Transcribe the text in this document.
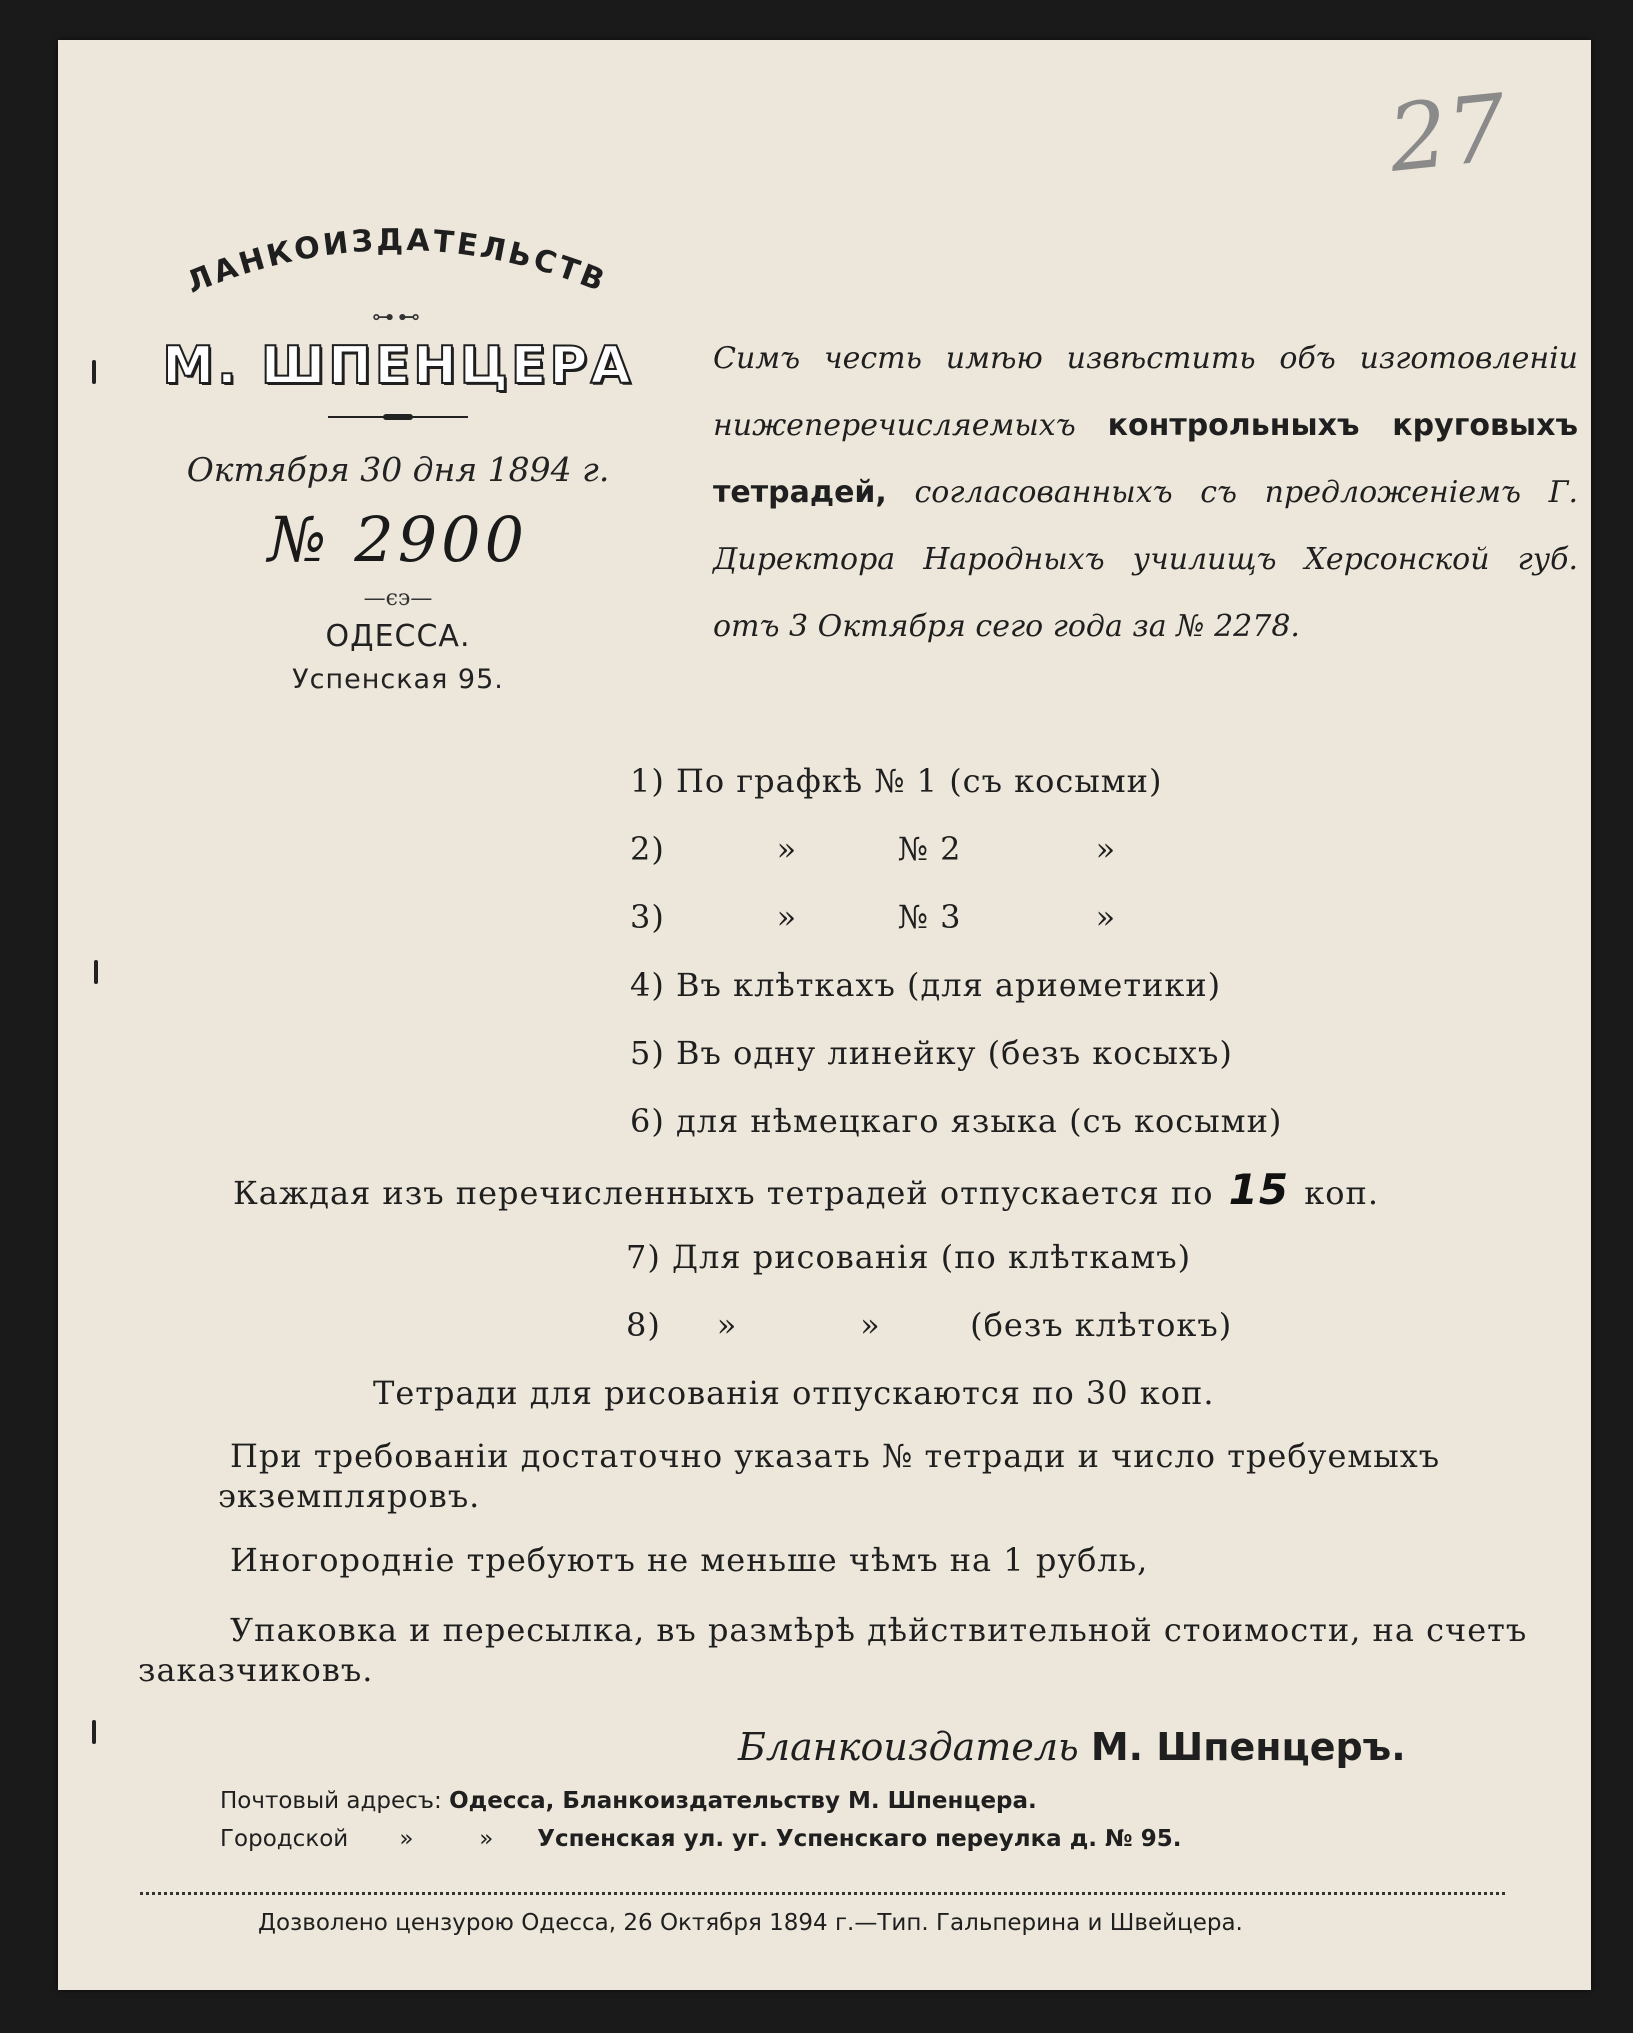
27
ЛАНКОИЗДАТЕЛЬСТВ
⊶⊷
М. ШПЕНЦЕРА
Октября 30 дня 1894 г.
№ 2900
—ϵ϶—
ОДЕССА.
Успенская 95.
Симъ честь имѣю извѣстить объ изготовленіи нижеперечисляемыхъ контрольныхъ круговыхъ тетрадей, согласованныхъ съ предложеніемъ Г. Директора Народныхъ училищъ Херсонской губ. отъ 3 Октября сего года за № 2278.
1) По графкѣ № 1 (съ косыми)
2)          »         № 2            »
3)          »         № 3            »
4) Въ клѣткахъ (для ариѳметики)
5) Въ одну линейку (безъ косыхъ)
6) для нѣмецкаго языка (съ косыми)
Каждая изъ перечисленныхъ тетрадей отпускается по 15 коп.
7) Для рисованія (по клѣткамъ)
8)     »           »        (безъ клѣтокъ)
Тетради для рисованія отпускаются по 30 коп.
При требованіи достаточно указать № тетради и число требуемыхъ экземпляровъ.
Иногородніе требуютъ не меньше чѣмъ на 1 рубль,
Упаковка и пересылка, въ размѣрѣ дѣйствительной стоимости, на счетъ заказчиковъ.
Бланкоиздатель М. Шпенцеръ.
Почтовый адресъ: Одесса, Бланкоиздательству М. Шпенцера.
Городской       »         »      Успенская ул. уг. Успенскаго переулка д. № 95.
Дозволено цензурою Одесса, 26 Октября 1894 г.—Тип. Гальперина и Швейцера.
